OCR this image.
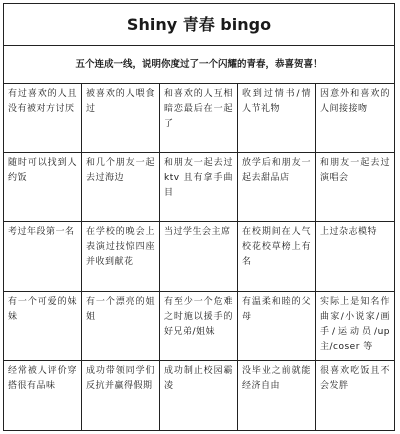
Shiny 青春 bingo
五个连成一线，说明你度过了一个闪耀的青春，恭喜贺喜！
有过喜欢的人且没有被对方讨厌
被喜欢的人喂食过
和喜欢的人互相暗恋最后在一起了
收到过情书/情人节礼物
因意外和喜欢的人间接接吻
随时可以找到人约饭
和几个朋友一起去过海边
和朋友一起去过 ktv 且有拿手曲目
放学后和朋友一起去甜品店
和朋友一起去过演唱会
考过年段第一名	在学校的晚会上表演过技惊四座并收到献花
当过学生会主席	在校期间在人气校花校草榜上有名
上过杂志模特
有一个可爱的妹妹
有一个漂亮的姐姐
有至少一个危难之时施以援手的好兄弟/姐妹
有温柔和睦的父母
实际上是知名作曲家/小说家/画手/运动员/up 主/coser 等
经常被人评价穿搭很有品味
成功带领同学们反抗并赢得假期
成功制止校园霸凌
没毕业之前就能经济自由
很喜欢吃饭且不会发胖
